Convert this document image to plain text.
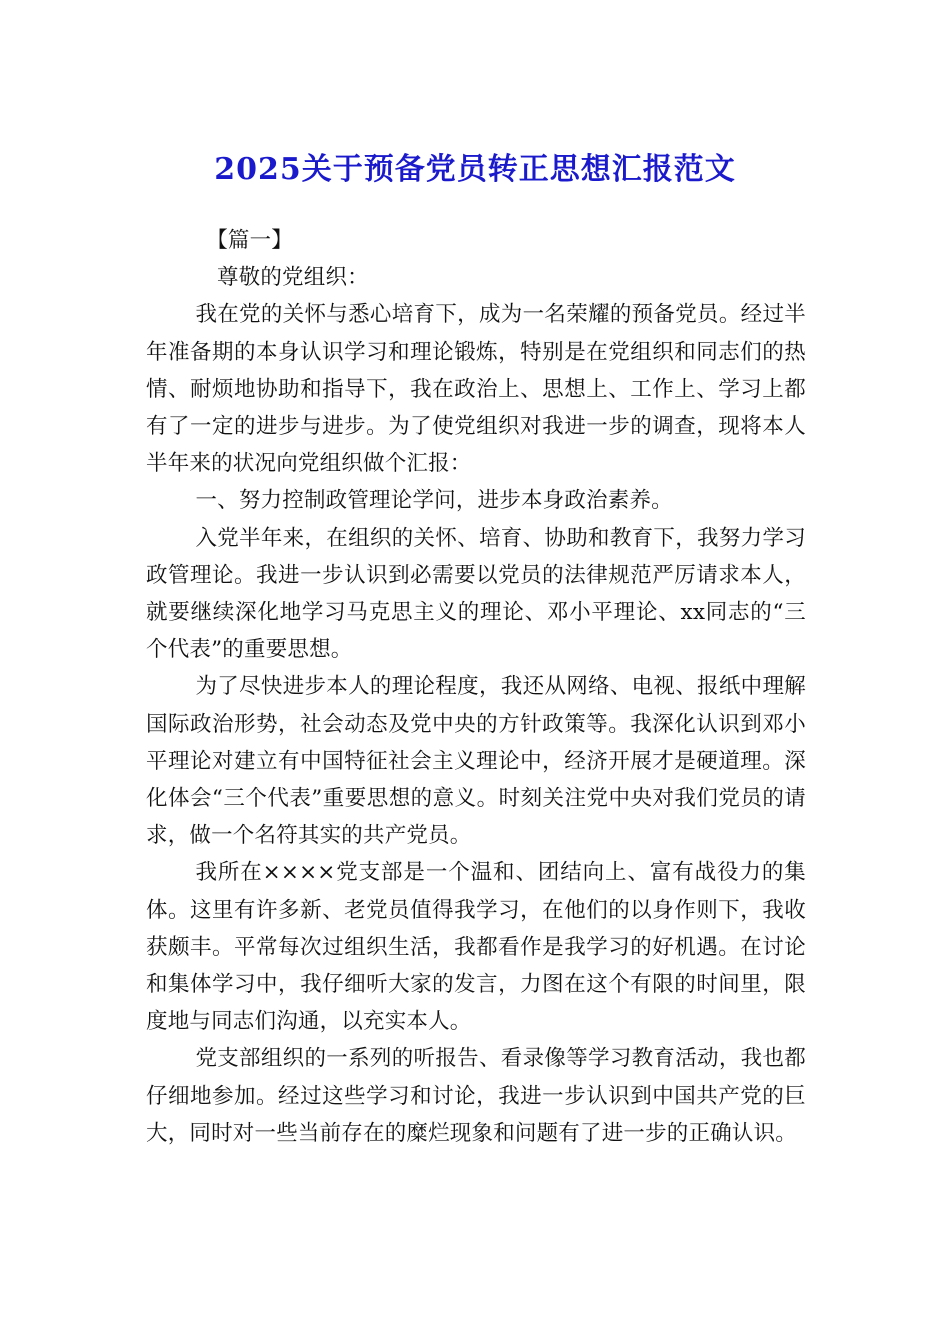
2025关于预备党员转正思想汇报范文

【篇一】

尊敬的党组织：

我在党的关怀与悉心培育下，成为一名荣耀的预备党员。经过半年准备期的本身认识学习和理论锻炼，特别是在党组织和同志们的热情、耐烦地协助和指导下，我在政治上、思想上、工作上、学习上都有了一定的进步与进步。为了使党组织对我进一步的调查，现将本人半年来的状况向党组织做个汇报：

一、努力控制政管理论学问，进步本身政治素养。

入党半年来，在组织的关怀、培育、协助和教育下，我努力学习政管理论。我进一步认识到必需要以党员的法律规范严厉请求本人，就要继续深化地学习马克思主义的理论、邓小平理论、xx同志的“三个代表”的重要思想。

为了尽快进步本人的理论程度，我还从网络、电视、报纸中理解国际政治形势，社会动态及党中央的方针政策等。我深化认识到邓小平理论对建立有中国特征社会主义理论中，经济开展才是硬道理。深化体会“三个代表”重要思想的意义。时刻关注党中央对我们党员的请求，做一个名符其实的共产党员。

我所在××××党支部是一个温和、团结向上、富有战役力的集体。这里有许多新、老党员值得我学习，在他们的以身作则下，我收获颇丰。平常每次过组织生活，我都看作是我学习的好机遇。在讨论和集体学习中，我仔细听大家的发言，力图在这个有限的时间里，限度地与同志们沟通，以充实本人。

党支部组织的一系列的听报告、看录像等学习教育活动，我也都仔细地参加。经过这些学习和讨论，我进一步认识到中国共产党的巨大，同时对一些当前存在的糜烂现象和问题有了进一步的正确认识。
